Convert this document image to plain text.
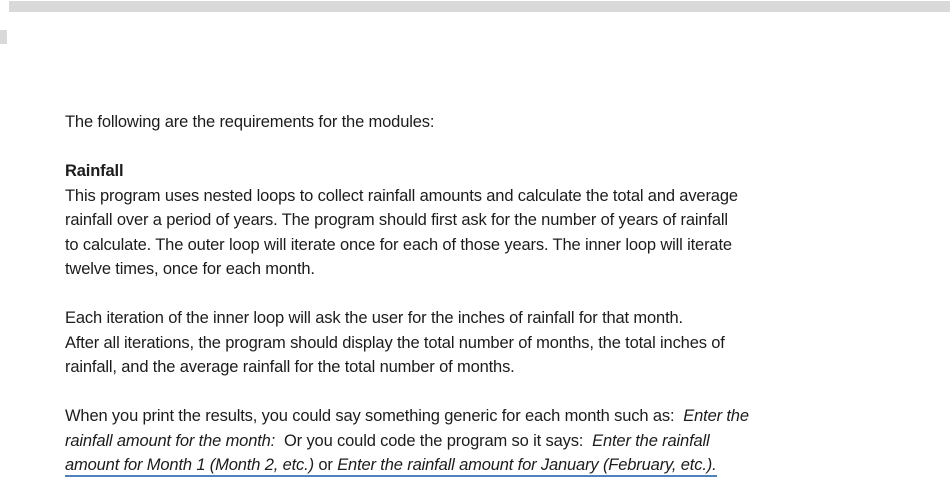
The following are the requirements for the modules:
Rainfall
This program uses nested loops to collect rainfall amounts and calculate the total and average
rainfall over a period of years. The program should first ask for the number of years of rainfall
to calculate. The outer loop will iterate once for each of those years. The inner loop will iterate
twelve times, once for each month.
Each iteration of the inner loop will ask the user for the inches of rainfall for that month.
After all iterations, the program should display the total number of months, the total inches of
rainfall, and the average rainfall for the total number of months.
When you print the results, you could say something generic for each month such as:  Enter the
rainfall amount for the month:  Or you could code the program so it says:  Enter the rainfall
amount for Month 1 (Month 2, etc.) or Enter the rainfall amount for January (February, etc.).
